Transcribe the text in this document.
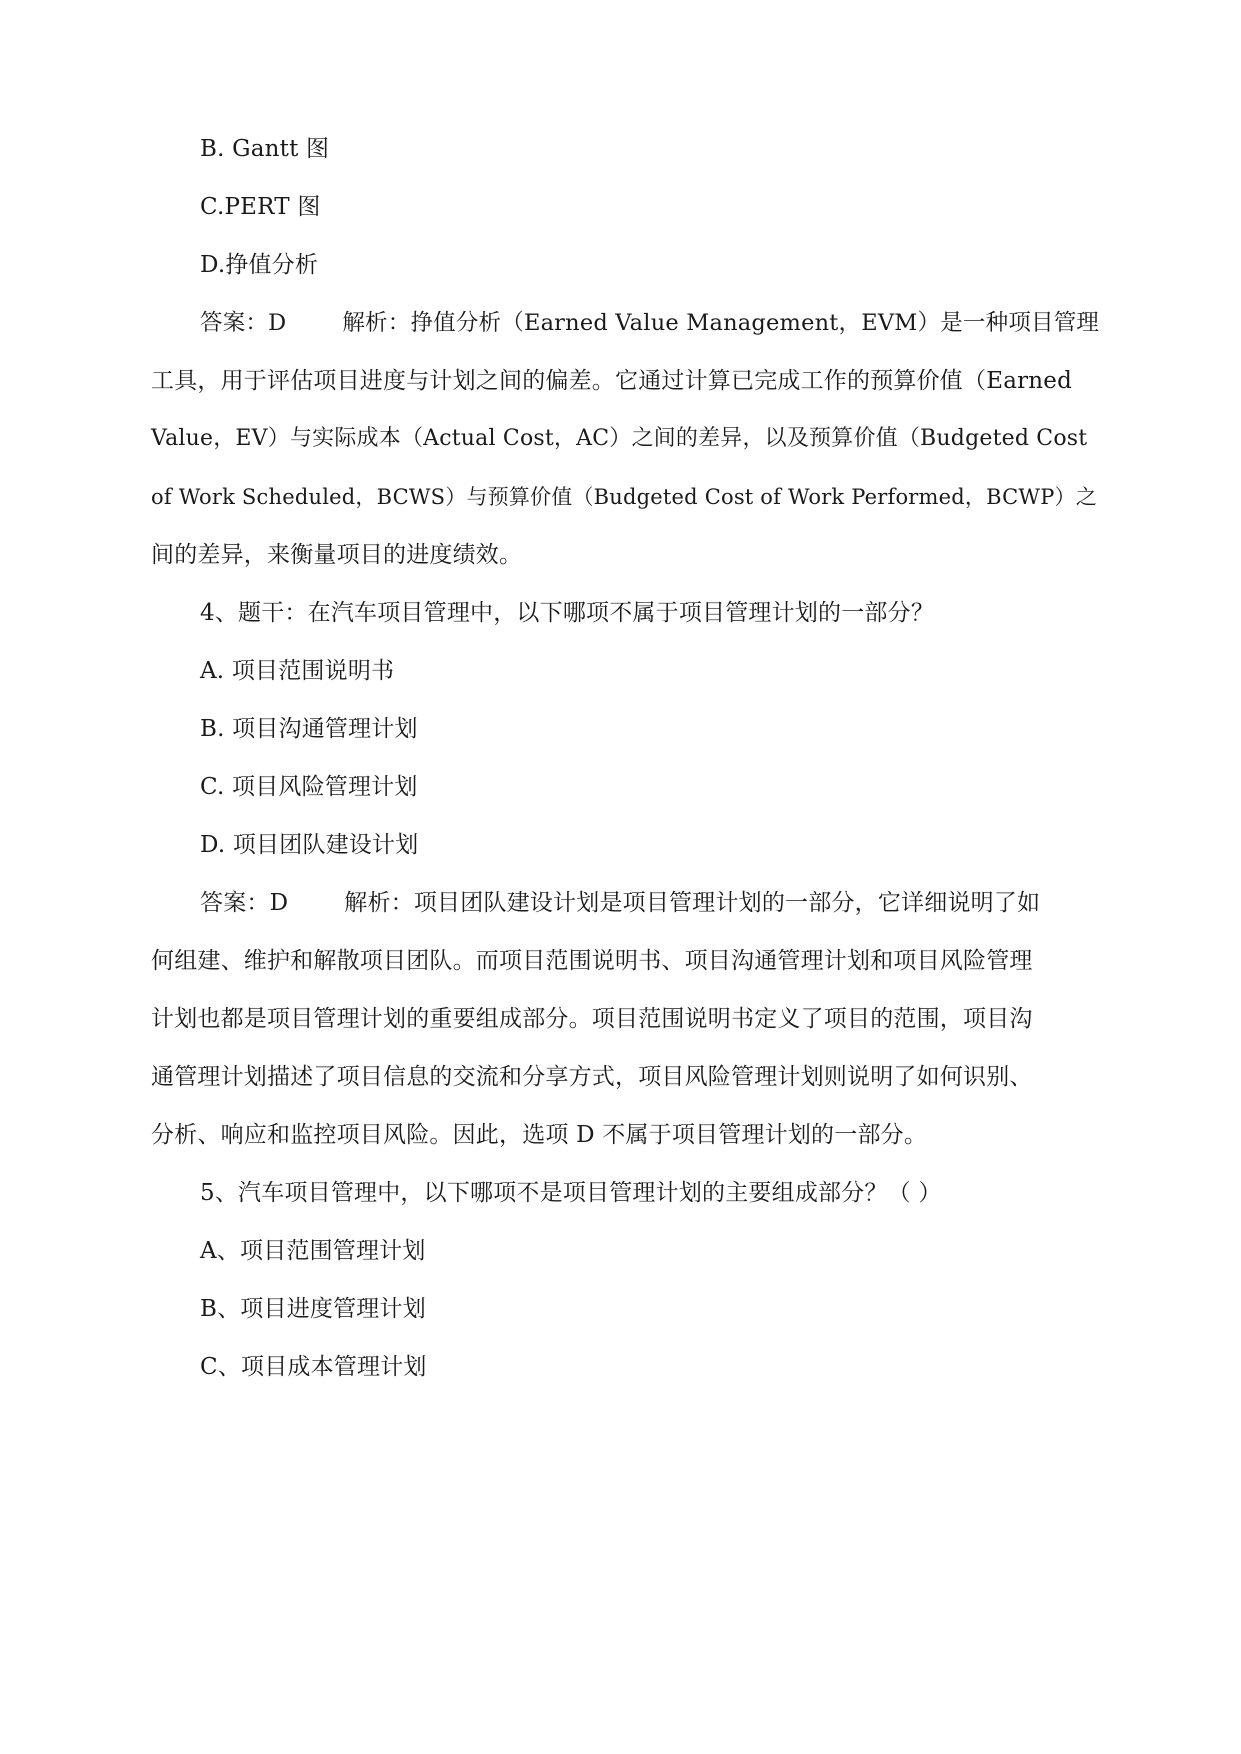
B. Gantt 图
C.PERT 图
D.挣值分析
答案：D 解析：挣值分析（Earned Value Management，EVM）是一种项目管理
工具，用于评估项目进度与计划之间的偏差。它通过计算已完成工作的预算价值（Earned
Value，EV）与实际成本（Actual Cost，AC）之间的差异，以及预算价值（Budgeted Cost
of Work Scheduled，BCWS）与预算价值（Budgeted Cost of Work Performed，BCWP）之
间的差异，来衡量项目的进度绩效。
4、题干：在汽车项目管理中，以下哪项不属于项目管理计划的一部分？
A. 项目范围说明书
B. 项目沟通管理计划
C. 项目风险管理计划
D. 项目团队建设计划
答案：D 解析：项目团队建设计划是项目管理计划的一部分，它详细说明了如
何组建、维护和解散项目团队。而项目范围说明书、项目沟通管理计划和项目风险管理
计划也都是项目管理计划的重要组成部分。项目范围说明书定义了项目的范围，项目沟
通管理计划描述了项目信息的交流和分享方式，项目风险管理计划则说明了如何识别、
分析、响应和监控项目风险。因此，选项 D 不属于项目管理计划的一部分。
5、汽车项目管理中，以下哪项不是项目管理计划的主要组成部分？（ ）
A、项目范围管理计划
B、项目进度管理计划
C、项目成本管理计划
